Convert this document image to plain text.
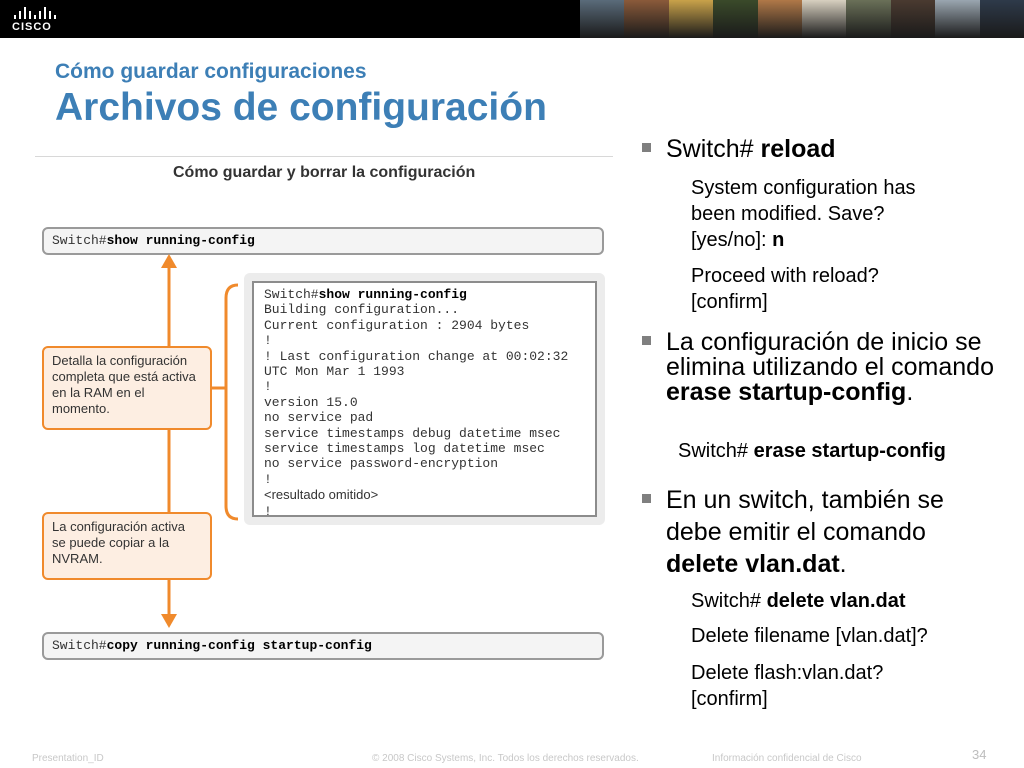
CISCO
Cómo guardar configuraciones
Archivos de configuración
Cómo guardar y borrar la configuración
Switch#show running-config
Switch#show running-config
Building configuration...
Current configuration : 2904 bytes
!
! Last configuration change at 00:02:32
UTC Mon Mar 1 1993
!
version 15.0
no service pad
service timestamps debug datetime msec
service timestamps log datetime msec
no service password-encryption
!
<resultado omitido>
!
Detalla la configuración completa que está activa en la RAM en el momento.
La configuración activa se puede copiar a la NVRAM.
Switch#copy running-config startup-config
Switch# reload
System configuration has been modified. Save? [yes/no]: n
Proceed with reload? [confirm]
La configuración de inicio se elimina utilizando el comando erase startup-config.
Switch# erase startup-config
En un switch, también se debe emitir el comando delete vlan.dat.
Switch# delete vlan.dat
Delete filename [vlan.dat]?
Delete flash:vlan.dat? [confirm]
Presentation_ID	© 2008 Cisco Systems, Inc. Todos los derechos reservados.	Información confidencial de Cisco	34
